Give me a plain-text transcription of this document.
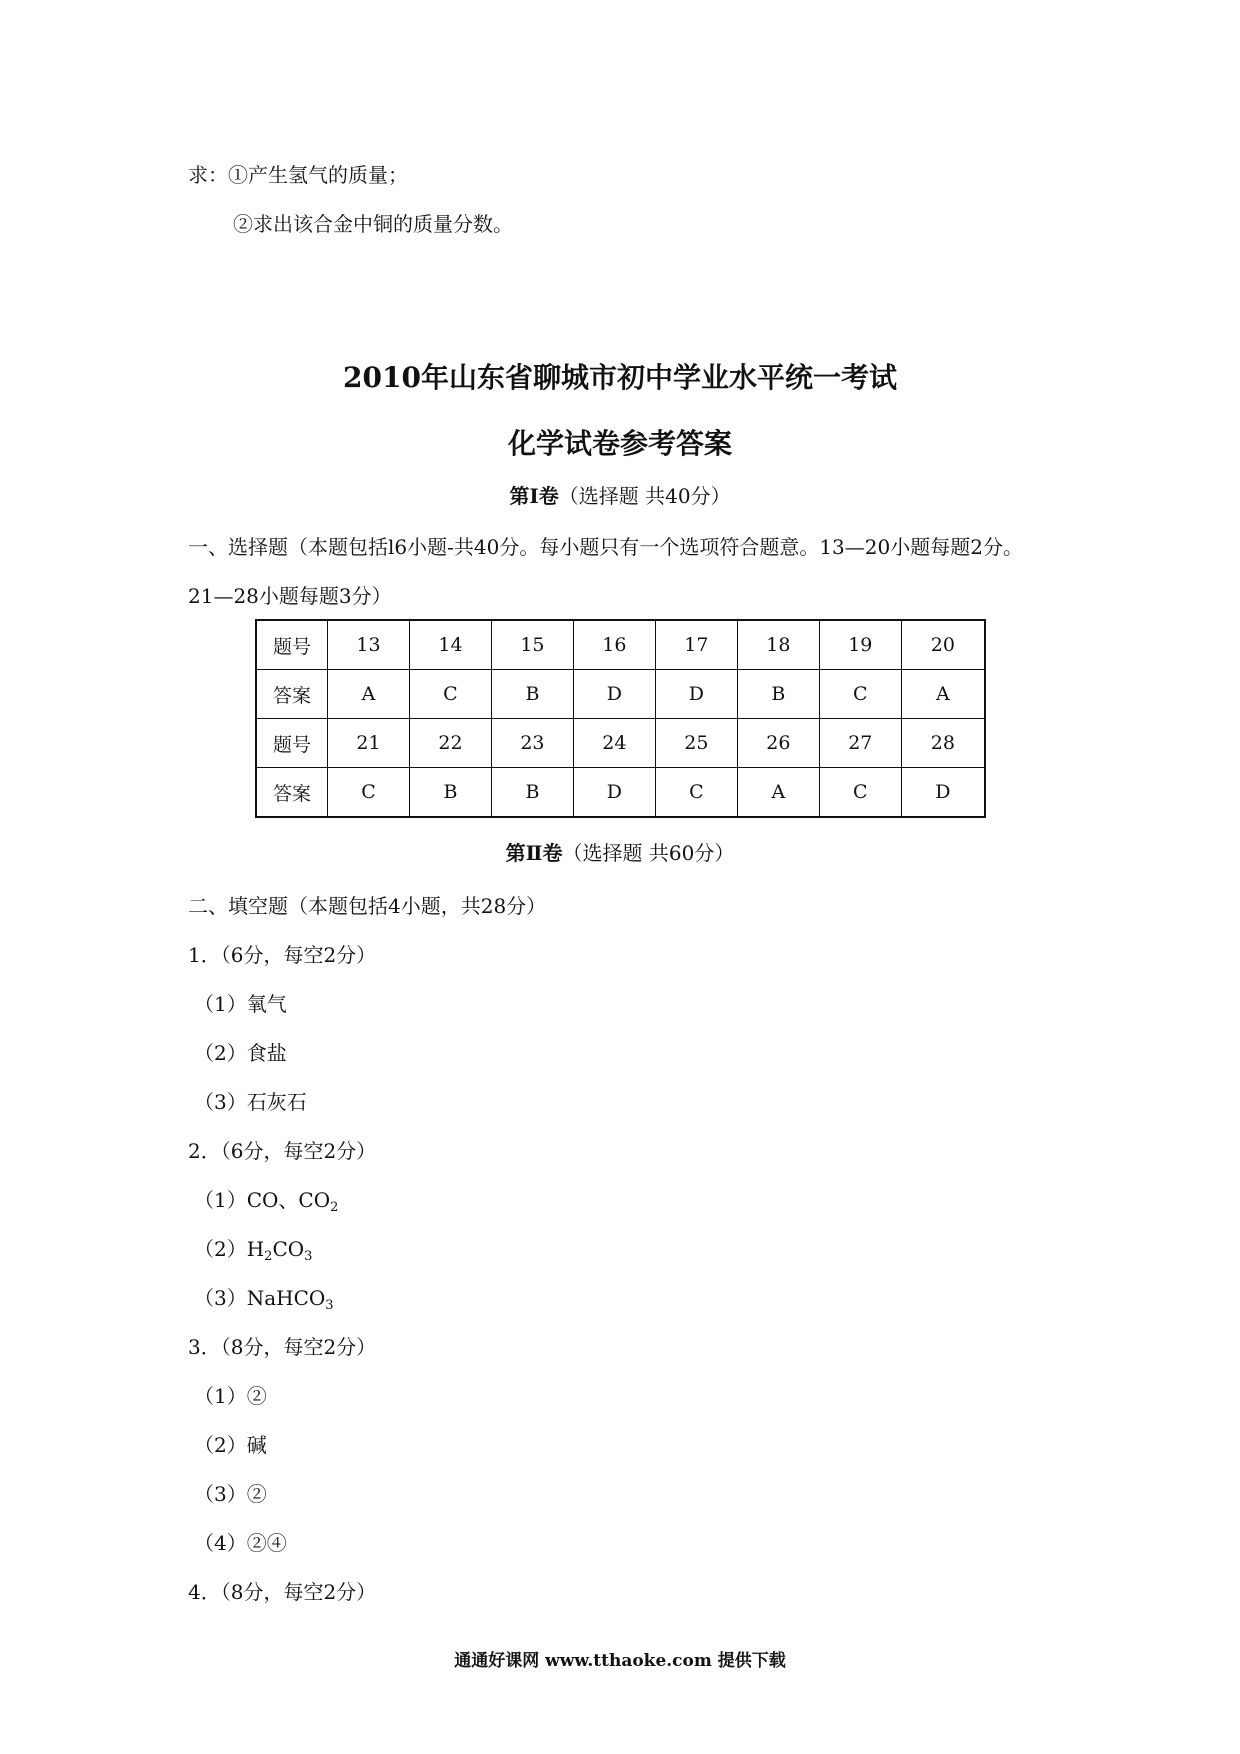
求：①产生氢气的质量；
②求出该合金中铜的质量分数。
2010年山东省聊城市初中学业水平统一考试
化学试卷参考答案
第Ⅰ卷（选择题 共40分）
一、选择题（本题包括l6小题-共40分。每小题只有一个选项符合题意。13—20小题每题2分。
21—28小题每题3分）
题号	13	14	15	16	17	18	19	20
答案	A	C	B	D	D	B	C	A
题号	21	22	23	24	25	26	27	28
答案	C	B	B	D	C	A	C	D
第Ⅱ卷（选择题 共60分）
二、填空题（本题包括4小题，共28分）
1．（6分，每空2分）
（1）氧气
（2）食盐
（3）石灰石
2．（6分，每空2分）
（1）CO、$CO_2$
$(2)H_2CO_3$
（3）NaHCO$_3$
3．（8分，每空2分）
（1）②
（2）碱
（3）②
（4）②④
4．（8分，每空2分）
通通好课网 www.tthaoke.com 提供下载
